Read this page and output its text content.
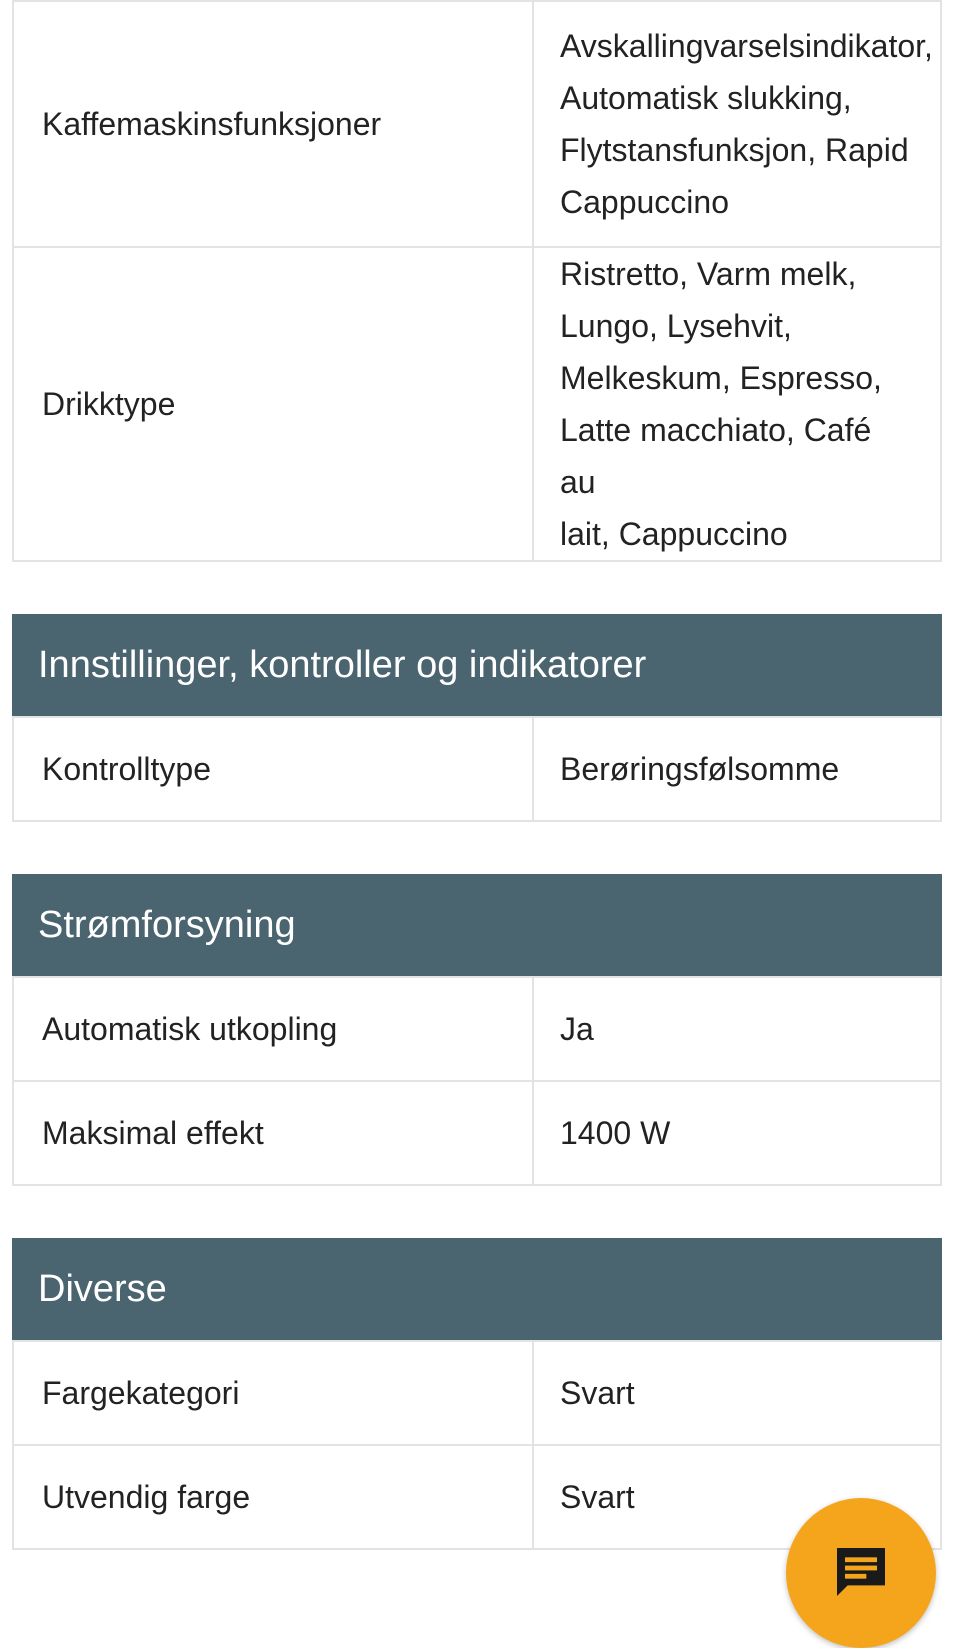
Kaffemaskinsfunksjoner	Avskallingvarselsindikator,
Automatisk slukking,
Flytstansfunksjon, Rapid
Cappuccino
Drikktype	Ristretto, Varm melk,
Lungo, Lysehvit,
Melkeskum, Espresso,
Latte macchiato, Café au
lait, Cappuccino
Innstillinger, kontroller og indikatorer
Kontrolltype	Berøringsfølsomme
Strømforsyning
Automatisk utkopling	Ja
Maksimal effekt	1400 W
Diverse
Fargekategori	Svart
Utvendig farge	Svart
